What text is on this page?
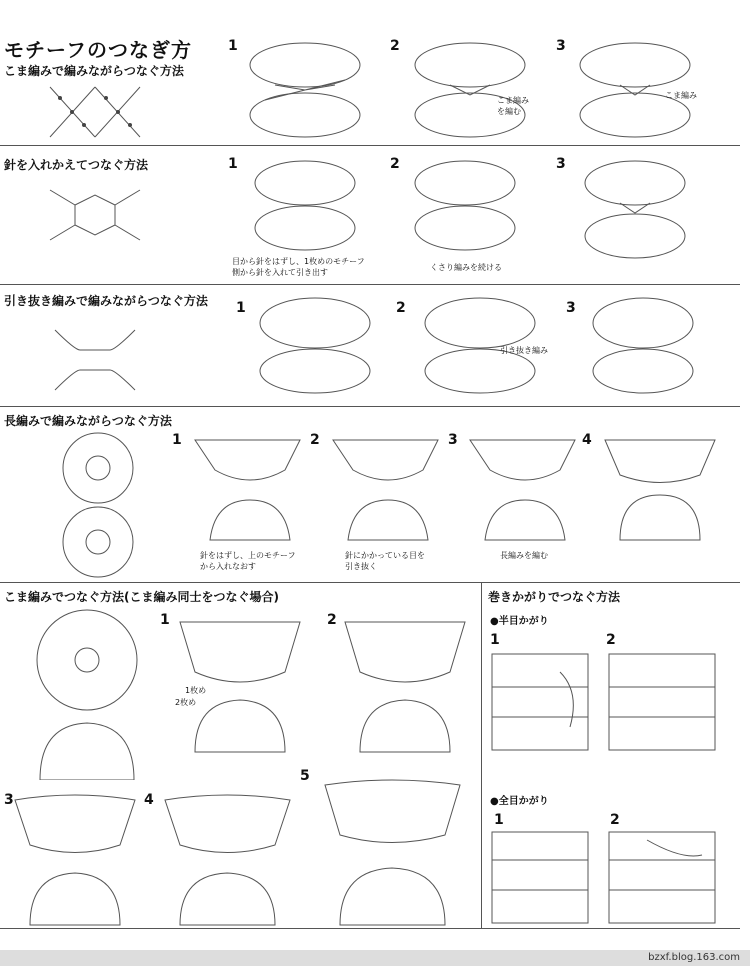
モチーフのつなぎ方
こま編みで編みながらつなぐ方法
1	2	3
こま編み
を編む
こま編み
針を入れかえてつなぐ方法	1	2	3
目から針をはずし、1枚めのモチーフ
側から針を入れて引き出す
くさり編みを続ける
引き抜き編みで編みながらつなぐ方法 1	2	3
引き抜き編み
長編みで編みながらつなぐ方法
1	2	3	4
針をはずし、上のモチーフ
から入れなおす
針にかかっている目を
引き抜く
長編みを編む
こま編みでつなぐ方法(こま編み同士をつなぐ場合)
1	2
3	4
5
1枚め
2枚め
巻きかがりでつなぐ方法
●半目かがり
1	2
●全目かがり
1	2
bzxf.blog.163.com
